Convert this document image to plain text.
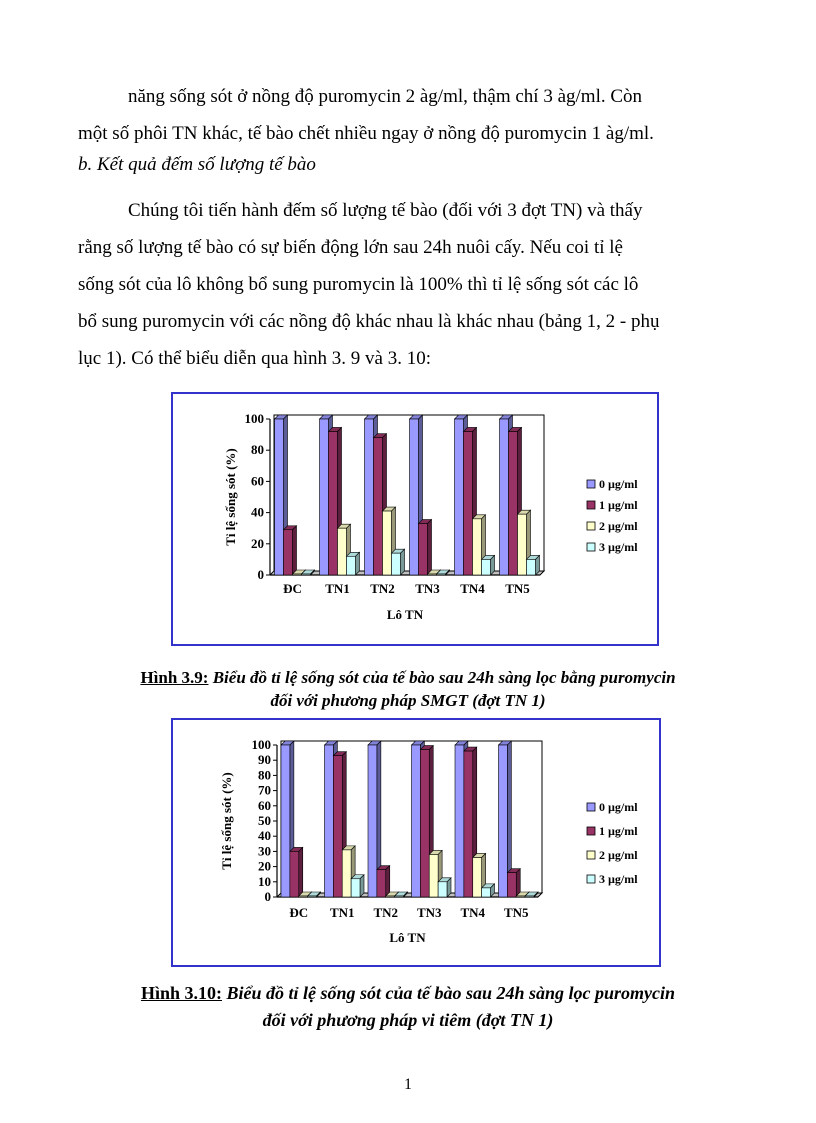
năng sống sót ở nồng độ puromycin 2 àg/ml, thậm chí 3 àg/ml. Còn
một số phôi TN khác, tế bào chết nhiều ngay ở nồng độ puromycin 1 àg/ml.

b. Kết quả đếm số lượng tế bào

Chúng tôi tiến hành đếm số lượng tế bào (đối với 3 đợt TN) và thấy
rằng số lượng tế bào có sự biến động lớn sau 24h nuôi cấy. Nếu coi tỉ lệ
sống sót của lô không bổ sung puromycin là 100% thì tỉ lệ sống sót các lô
bổ sung puromycin với các nồng độ khác nhau là khác nhau (bảng 1, 2 - phụ
lục 1). Có thể biểu diễn qua hình 3. 9 và 3. 10:
0
20
40
60
80
100
ĐC TN1 TN2 TN3 TN4 TN5
Lô TN
Tỉ lệ sống sót (%)	0 µg/ml
1 µg/ml
2 µg/ml
3 µg/ml
Hình 3.9: Biểu đồ tỉ lệ sống sót của tế bào sau 24h sàng lọc bằng puromycin
đối với phương pháp SMGT (đợt TN 1)
0
10
20
30
40
50
60
70
80
90
100
ĐC TN1 TN2 TN3 TN4 TN5
Lô TN
Tỉ lệ sống sót (%)	0 µg/ml
1 µg/ml
2 µg/ml
3 µg/ml
Hình 3.10: Biểu đồ tỉ lệ sống sót của tế bào sau 24h sàng lọc puromycin
đối với phương pháp vi tiêm (đợt TN 1)
1
